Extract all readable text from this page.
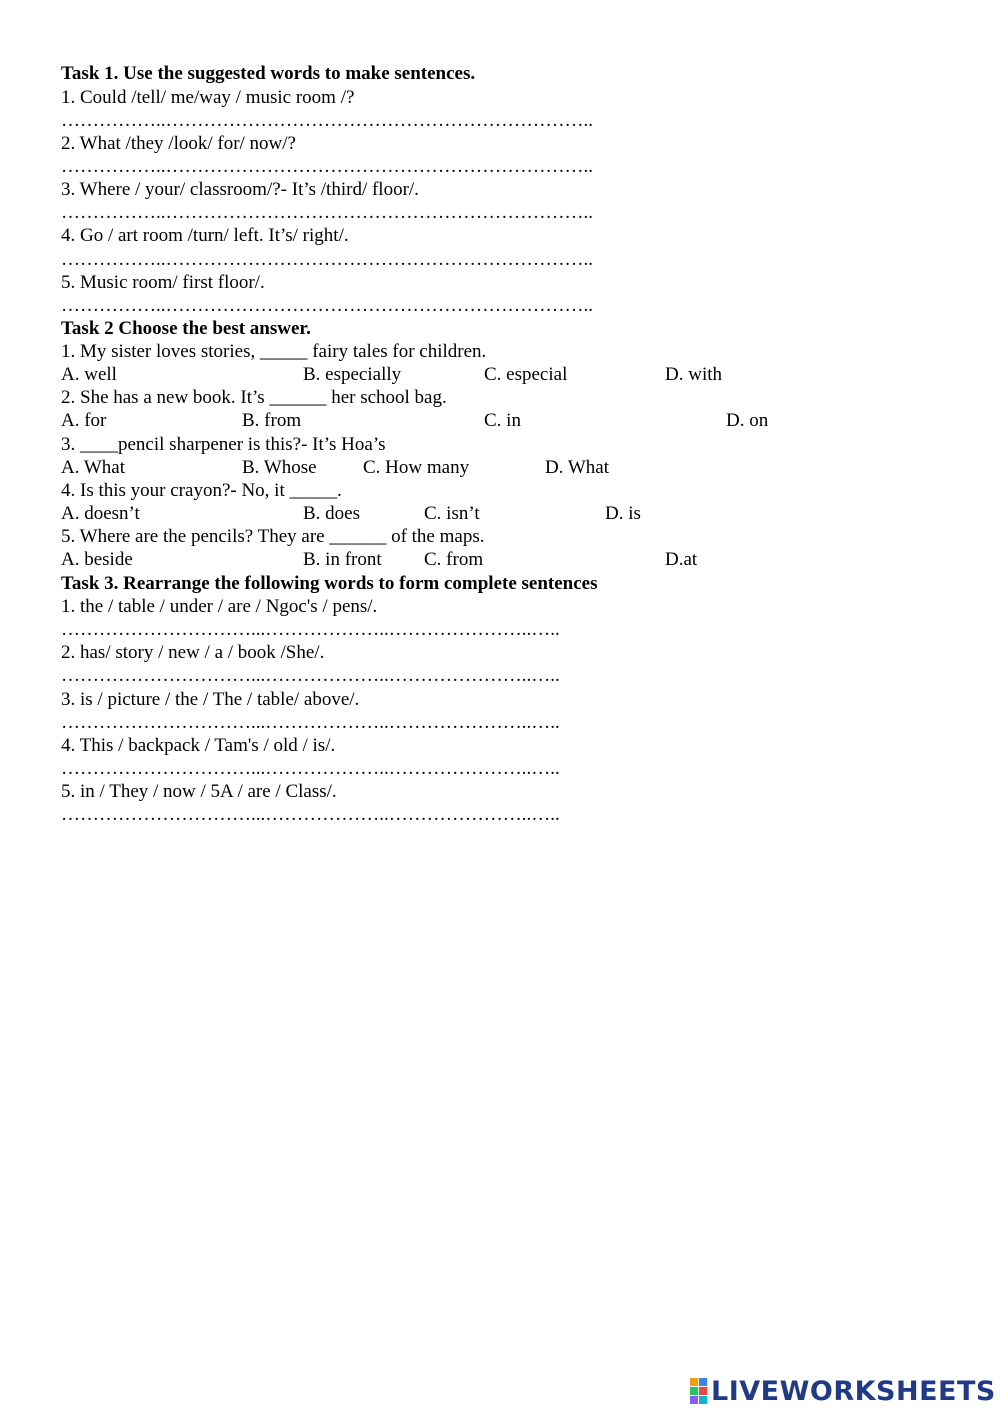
Task 1. Use the suggested words to make sentences.
1. Could /tell/ me/way / music room /?
……………..…………………………………………………………..
2. What /they /look/ for/ now/?
……………..…………………………………………………………..
3. Where / your/ classroom/?- It’s /third/ floor/.
……………..…………………………………………………………..
4. Go / art room /turn/ left. It’s/ right/.
……………..…………………………………………………………..
5. Music room/ first floor/.
……………..…………………………………………………………..
Task 2 Choose the best answer.
1. My sister loves stories, _____ fairy tales for children.
A. well	B. especially	C. especial	D. with
2. She has a new book. It’s ______ her school bag.
A. for	B. from	C. in	D. on
3. ____pencil sharpener is this?- It’s Hoa’s
A. What	B. Whose C. How many	D. What
4. Is this your crayon?- No, it _____.
A. doesn’t	B. does	C. isn’t	D. is
5. Where are the pencils? They are ______ of the maps.
A. beside	B. in front C. from	D.at
Task 3. Rearrange the following words to form complete sentences
1. the / table / under / are / Ngoc's / pens/.
…………………………...………………..…………………..…..
2. has/ story / new / a / book /She/.
…………………………...………………..…………………..…..
3. is / picture / the / The / table/ above/.
…………………………...………………..…………………..…..
4. This / backpack / Tam's / old / is/.
…………………………...………………..…………………..…..
5. in / They / now / 5A / are / Class/.
…………………………...………………..…………………..…..
LIVEWORKSHEETS
